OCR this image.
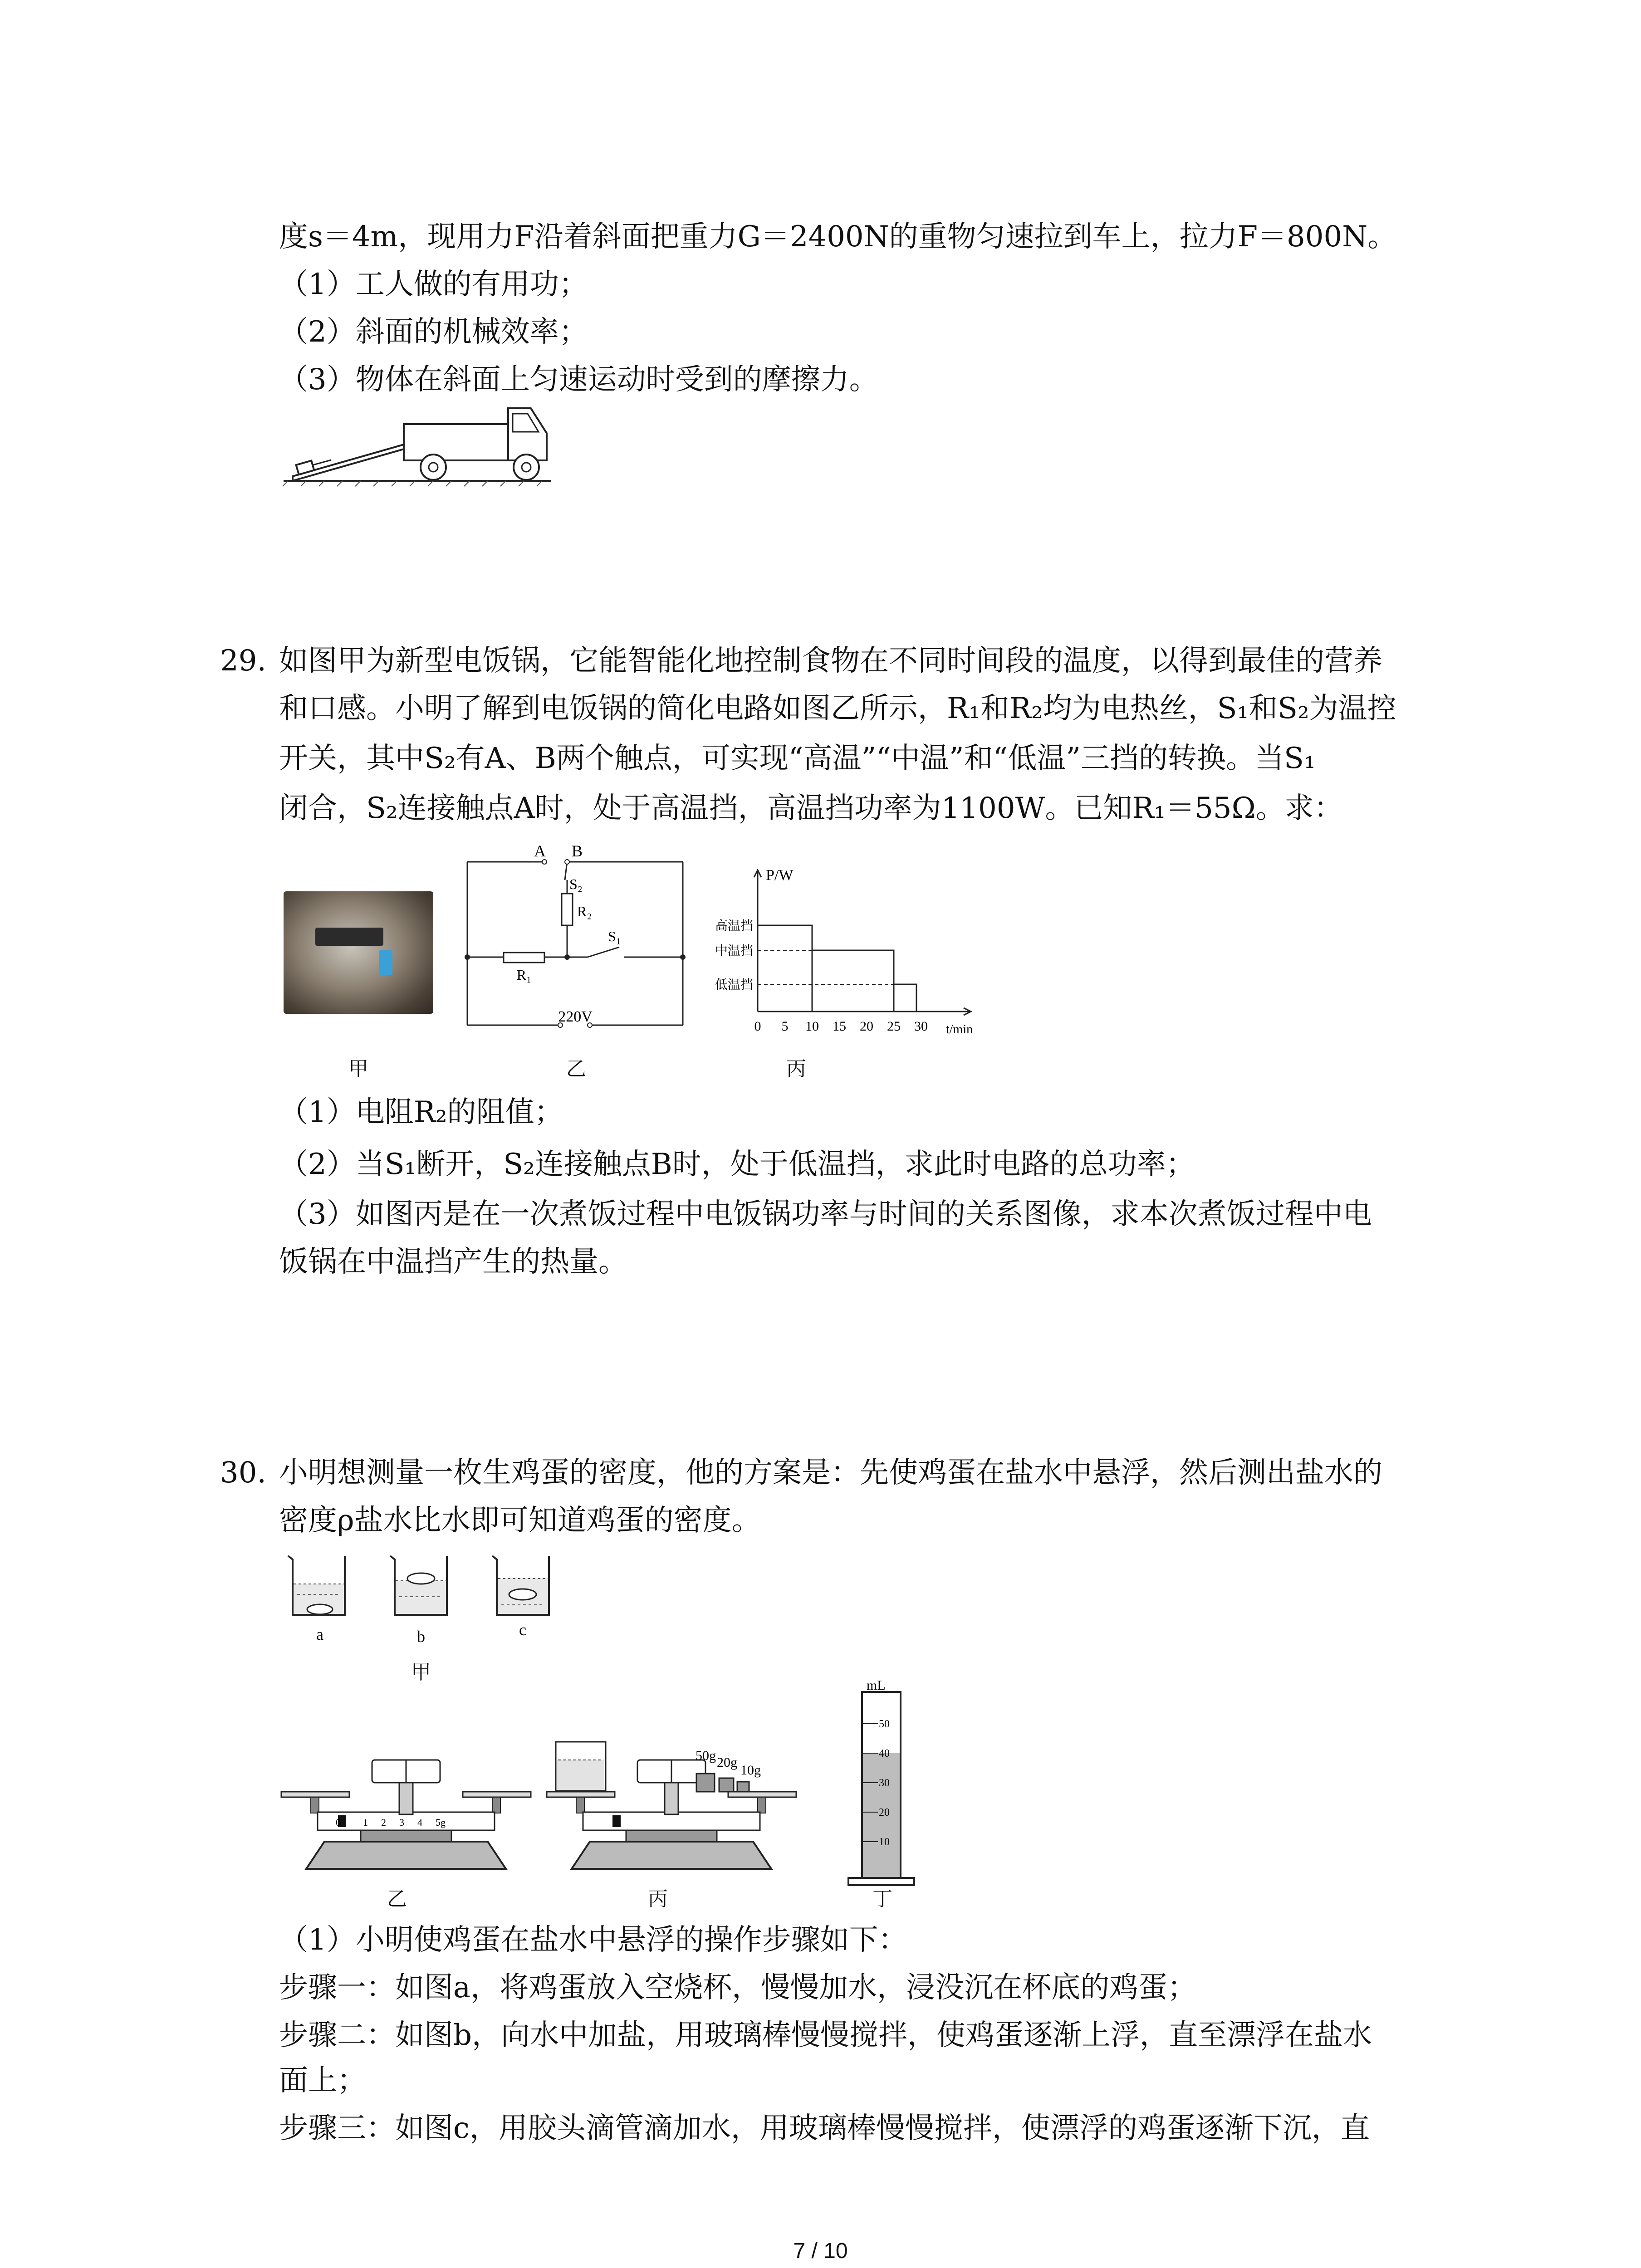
度s＝4m，现用力F沿着斜面把重力G＝2400N的重物匀速拉到车上，拉力F＝800N。
（1）工人做的有用功；
（2）斜面的机械效率；
（3）物体在斜面上匀速运动时受到的摩擦力。
29. 如图甲为新型电饭锅，它能智能化地控制食物在不同时间段的温度，以得到最佳的营养
和口感。小明了解到电饭锅的简化电路如图乙所示，R₁和R₂均为电热丝，S₁和S₂为温控
开关，其中S₂有A、B两个触点，可实现“高温”“中温”和“低温”三挡的转换。当S₁
闭合，S₂连接触点A时，处于高温挡，高温挡功率为1100W。已知R₁＝55Ω。求：
A B
S₂
R₂
S₁
R₁
220V
P/W
高温挡
中温挡
低温挡
0 5 10 15 20 25 30 t/min
甲	乙	丙
（1）电阻R₂的阻值；
（2）当S₁断开，S₂连接触点B时，处于低温挡，求此时电路的总功率；
（3）如图丙是在一次煮饭过程中电饭锅功率与时间的关系图像，求本次煮饭过程中电
饭锅在中温挡产生的热量。
30. 小明想测量一枚生鸡蛋的密度，他的方案是：先使鸡蛋在盐水中悬浮，然后测出盐水的
密度ρ盐水比水即可知道鸡蛋的密度。
a	b	c
甲
0 1 2 3 4 5g
50g 20g
10g
mL
50
40
30
20
10
乙	丙	丁
（1）小明使鸡蛋在盐水中悬浮的操作步骤如下：
步骤一：如图a，将鸡蛋放入空烧杯，慢慢加水，浸没沉在杯底的鸡蛋；
步骤二：如图b，向水中加盐，用玻璃棒慢慢搅拌，使鸡蛋逐渐上浮，直至漂浮在盐水
面上；
步骤三：如图c，用胶头滴管滴加水，用玻璃棒慢慢搅拌，使漂浮的鸡蛋逐渐下沉，直
7 / 10
